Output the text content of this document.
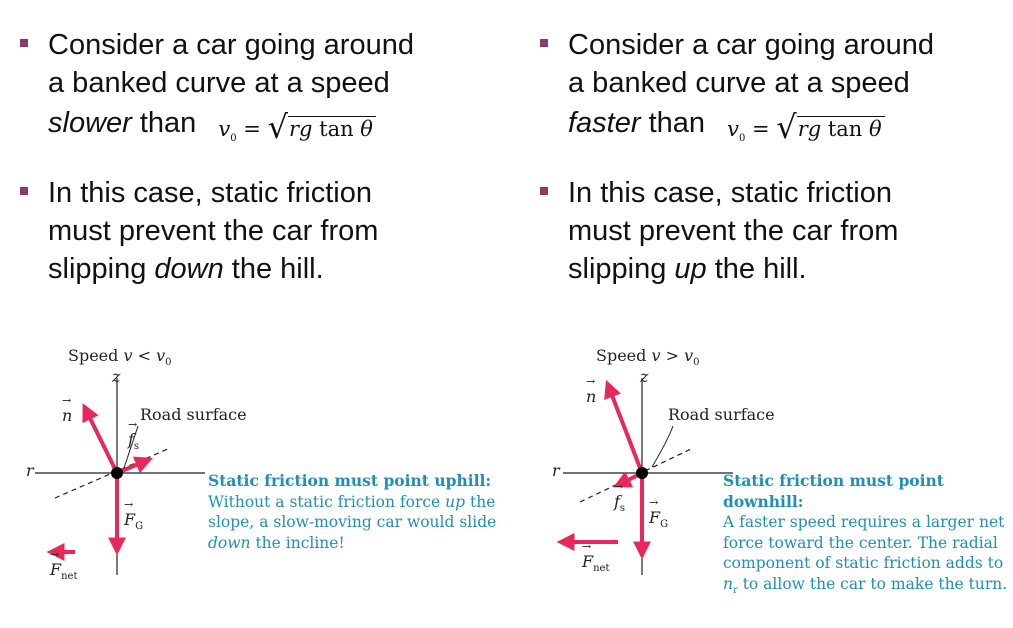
Consider a car going around
a banked curve at a speed
slower than $v_0 = √rg$ tan θ
In this case, static friction
must prevent the car from
slipping down the hill.
Consider a car going around
a banked curve at a speed
faster than $v_0 = √rg$ tan θ
In this case, static friction
must prevent the car from
slipping up the hill.
Speed $v < v_0$
z
r
Road surface
→ n
→ $f_s$
→ $F_G$
→ $F_{net}$
Static friction must point uphill:
Without a static friction force up the
slope, a slow-moving car would slide
down the incline!
Speed $v > v_0$
z
r
Road surface
→ n
→ $f_s$
→ $F_G$
→ $F_{net}$
Static friction must point downhill:
A faster speed requires a larger net
force toward the center. The radial
component of static friction adds to
$n_r$ to allow the car to make the turn.
